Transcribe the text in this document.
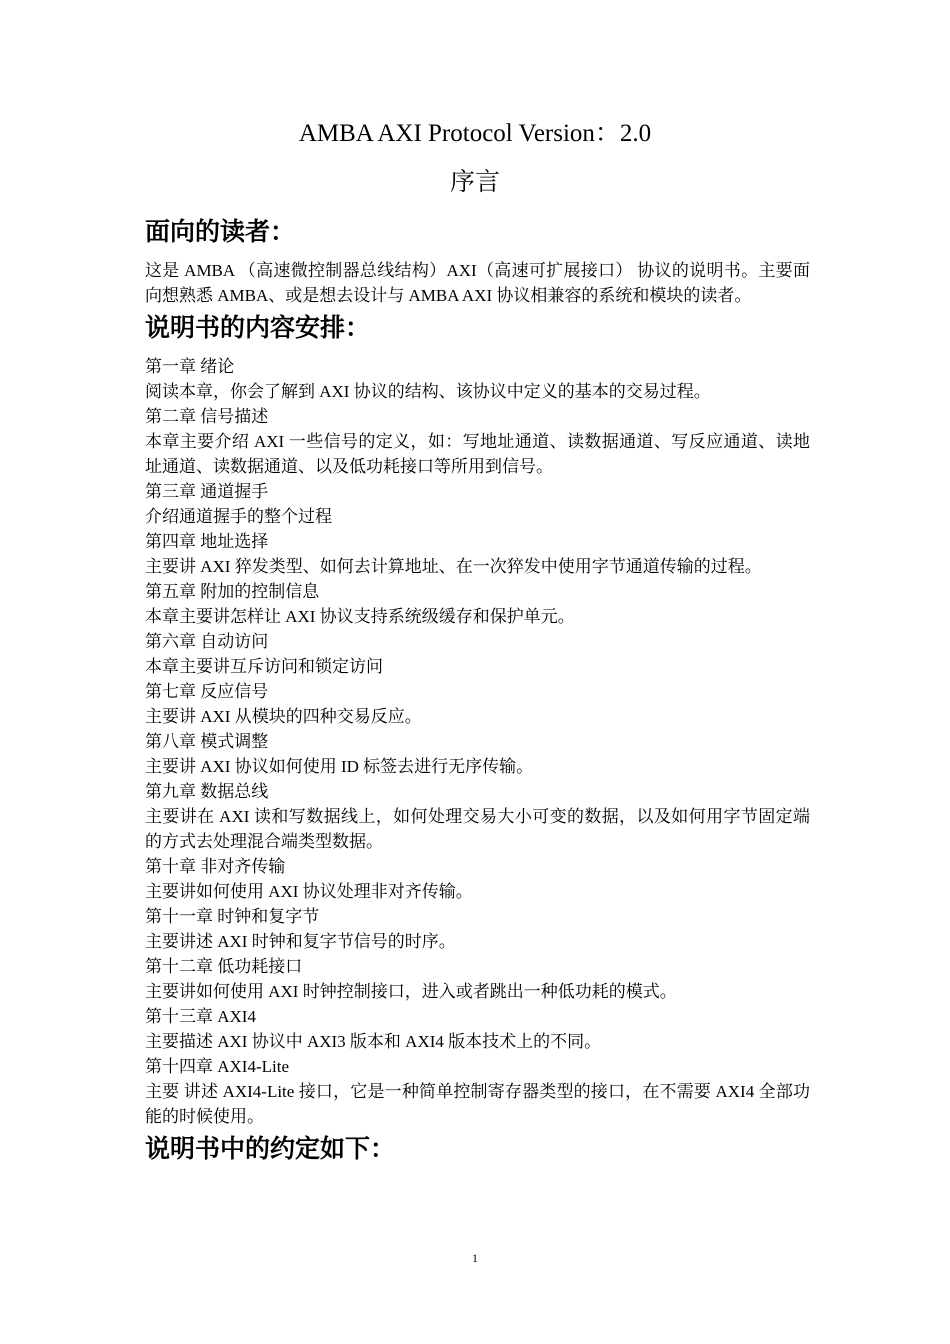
AMBA AXI Protocol Version：2.0
序言
面向的读者：

这是 AMBA （高速微控制器总线结构）AXI（高速可扩展接口） 协议的说明书。主要面向想熟悉 AMBA、或是想去设计与 AMBA AXI 协议相兼容的系统和模块的读者。

说明书的内容安排：

第一章 绪论

阅读本章，你会了解到 AXI 协议的结构、该协议中定义的基本的交易过程。

第二章 信号描述

本章主要介绍 AXI 一些信号的定义，如：写地址通道、读数据通道、写反应通道、读地址通道、读数据通道、以及低功耗接口等所用到信号。

第三章 通道握手

介绍通道握手的整个过程

第四章 地址选择

主要讲 AXI 猝发类型、如何去计算地址、在一次猝发中使用字节通道传输的过程。

第五章 附加的控制信息

本章主要讲怎样让 AXI 协议支持系统级缓存和保护单元。

第六章 自动访问

本章主要讲互斥访问和锁定访问

第七章 反应信号

主要讲 AXI 从模块的四种交易反应。

第八章 模式调整

主要讲 AXI 协议如何使用 ID 标签去进行无序传输。

第九章 数据总线

主要讲在 AXI 读和写数据线上，如何处理交易大小可变的数据，以及如何用字节固定端的方式去处理混合端类型数据。

第十章 非对齐传输

主要讲如何使用 AXI 协议处理非对齐传输。

第十一章 时钟和复字节

主要讲述 AXI 时钟和复字节信号的时序。

第十二章 低功耗接口

主要讲如何使用 AXI 时钟控制接口，进入或者跳出一种低功耗的模式。

第十三章 AXI4

主要描述 AXI 协议中 AXI3 版本和 AXI4 版本技术上的不同。

第十四章 AXI4-Lite

主要 讲述 AXI4-Lite 接口，它是一种简单控制寄存器类型的接口，在不需要 AXI4 全部功能的时候使用。

说明书中的约定如下：
1
